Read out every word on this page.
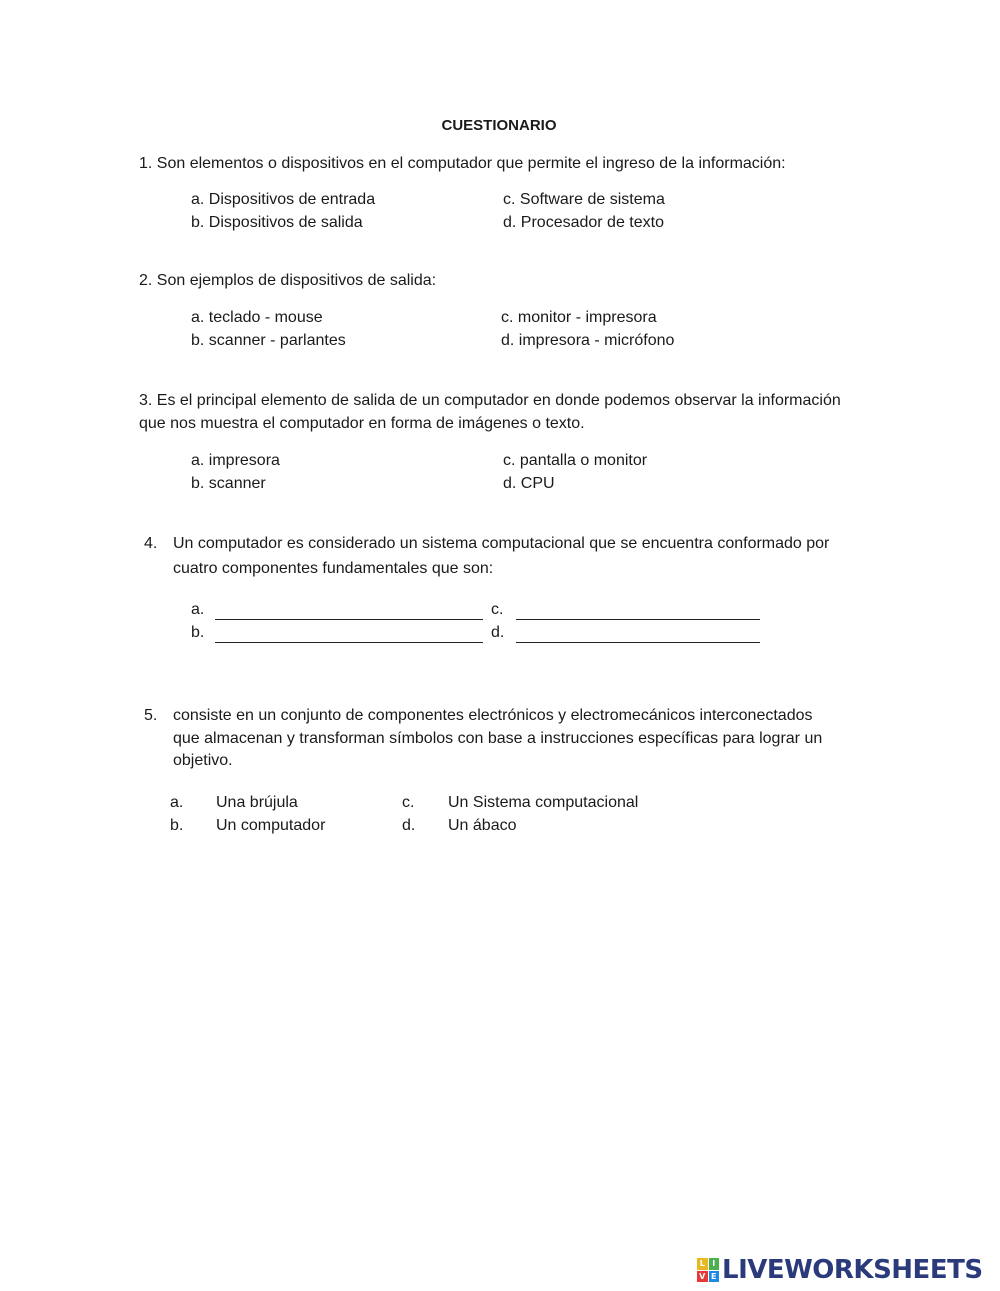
CUESTIONARIO
1. Son elementos o dispositivos en el computador que permite el ingreso de la información:
a. Dispositivos de entrada
b. Dispositivos de salida
c. Software de sistema
d. Procesador de texto
2. Son ejemplos de dispositivos de salida:
a. teclado - mouse
b. scanner - parlantes
c. monitor - impresora
d. impresora - micrófono
3. Es el principal elemento de salida de un computador en donde podemos observar la información
que nos muestra el computador en forma de imágenes o texto.
a. impresora
b. scanner
c. pantalla o monitor
d. CPU
4. Un computador es considerado un sistema computacional que se encuentra conformado por
cuatro componentes fundamentales que son:
a.
b.
c.
d.
5. consiste en un conjunto de componentes electrónicos y electromecánicos interconectados
que almacenan y transforman símbolos con base a instrucciones específicas para lograr un
objetivo.
a. Una brújula
b. Un computador
c. Un Sistema computacional
d. Un ábaco
L I
V E LIVEWORKSHEETS
